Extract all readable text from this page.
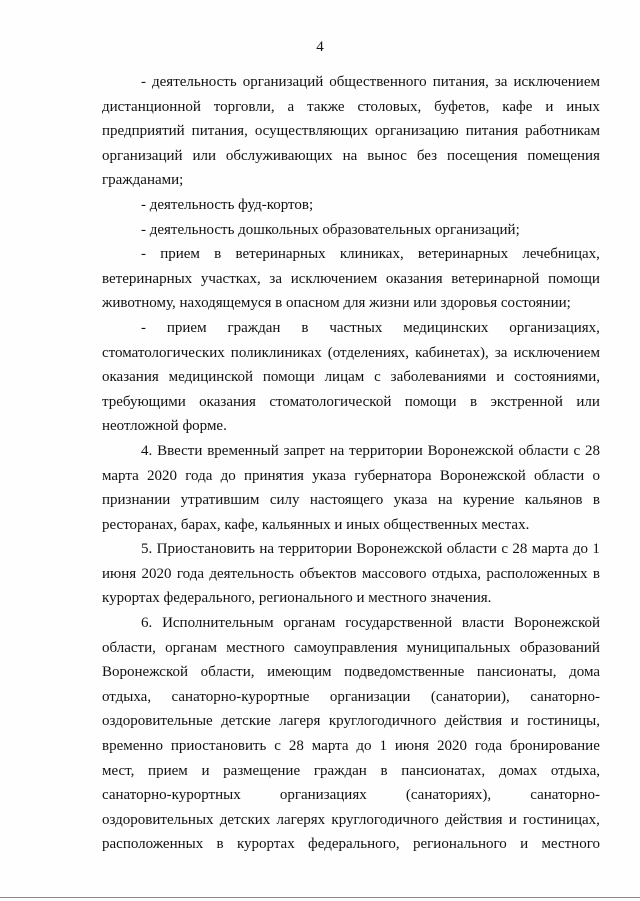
4
- деятельность организаций общественного питания, за исключением
дистанционной торговли, а также столовых, буфетов, кафе и иных
предприятий питания, осуществляющих организацию питания работникам
организаций или обслуживающих на вынос без посещения помещения
гражданами;
- деятельность фуд-кортов;
- деятельность дошкольных образовательных организаций;
- прием в ветеринарных клиниках, ветеринарных лечебницах,
ветеринарных участках, за исключением оказания ветеринарной помощи
животному, находящемуся в опасном для жизни или здоровья состоянии;
- прием граждан в частных медицинских организациях,
стоматологических поликлиниках (отделениях, кабинетах), за исключением
оказания медицинской помощи лицам с заболеваниями и состояниями,
требующими оказания стоматологической помощи в экстренной или
неотложной форме.
4. Ввести временный запрет на территории Воронежской области с 28
марта 2020 года до принятия указа губернатора Воронежской области о
признании утратившим силу настоящего указа на курение кальянов в
ресторанах, барах, кафе, кальянных и иных общественных местах.
5. Приостановить на территории Воронежской области с 28 марта до 1
июня 2020 года деятельность объектов массового отдыха, расположенных в
курортах федерального, регионального и местного значения.
6. Исполнительным органам государственной власти Воронежской
области, органам местного самоуправления муниципальных образований
Воронежской области, имеющим подведомственные пансионаты, дома
отдыха, санаторно-курортные организации (санатории), санаторно-
оздоровительные детские лагеря круглогодичного действия и гостиницы,
временно приостановить с 28 марта до 1 июня 2020 года бронирование
мест, прием и размещение граждан в пансионатах, домах отдыха,
санаторно-курортных	организациях	(санаториях),	санаторно-
оздоровительных детских лагерях круглогодичного действия и гостиницах,
расположенных в курортах федерального, регионального и местного
